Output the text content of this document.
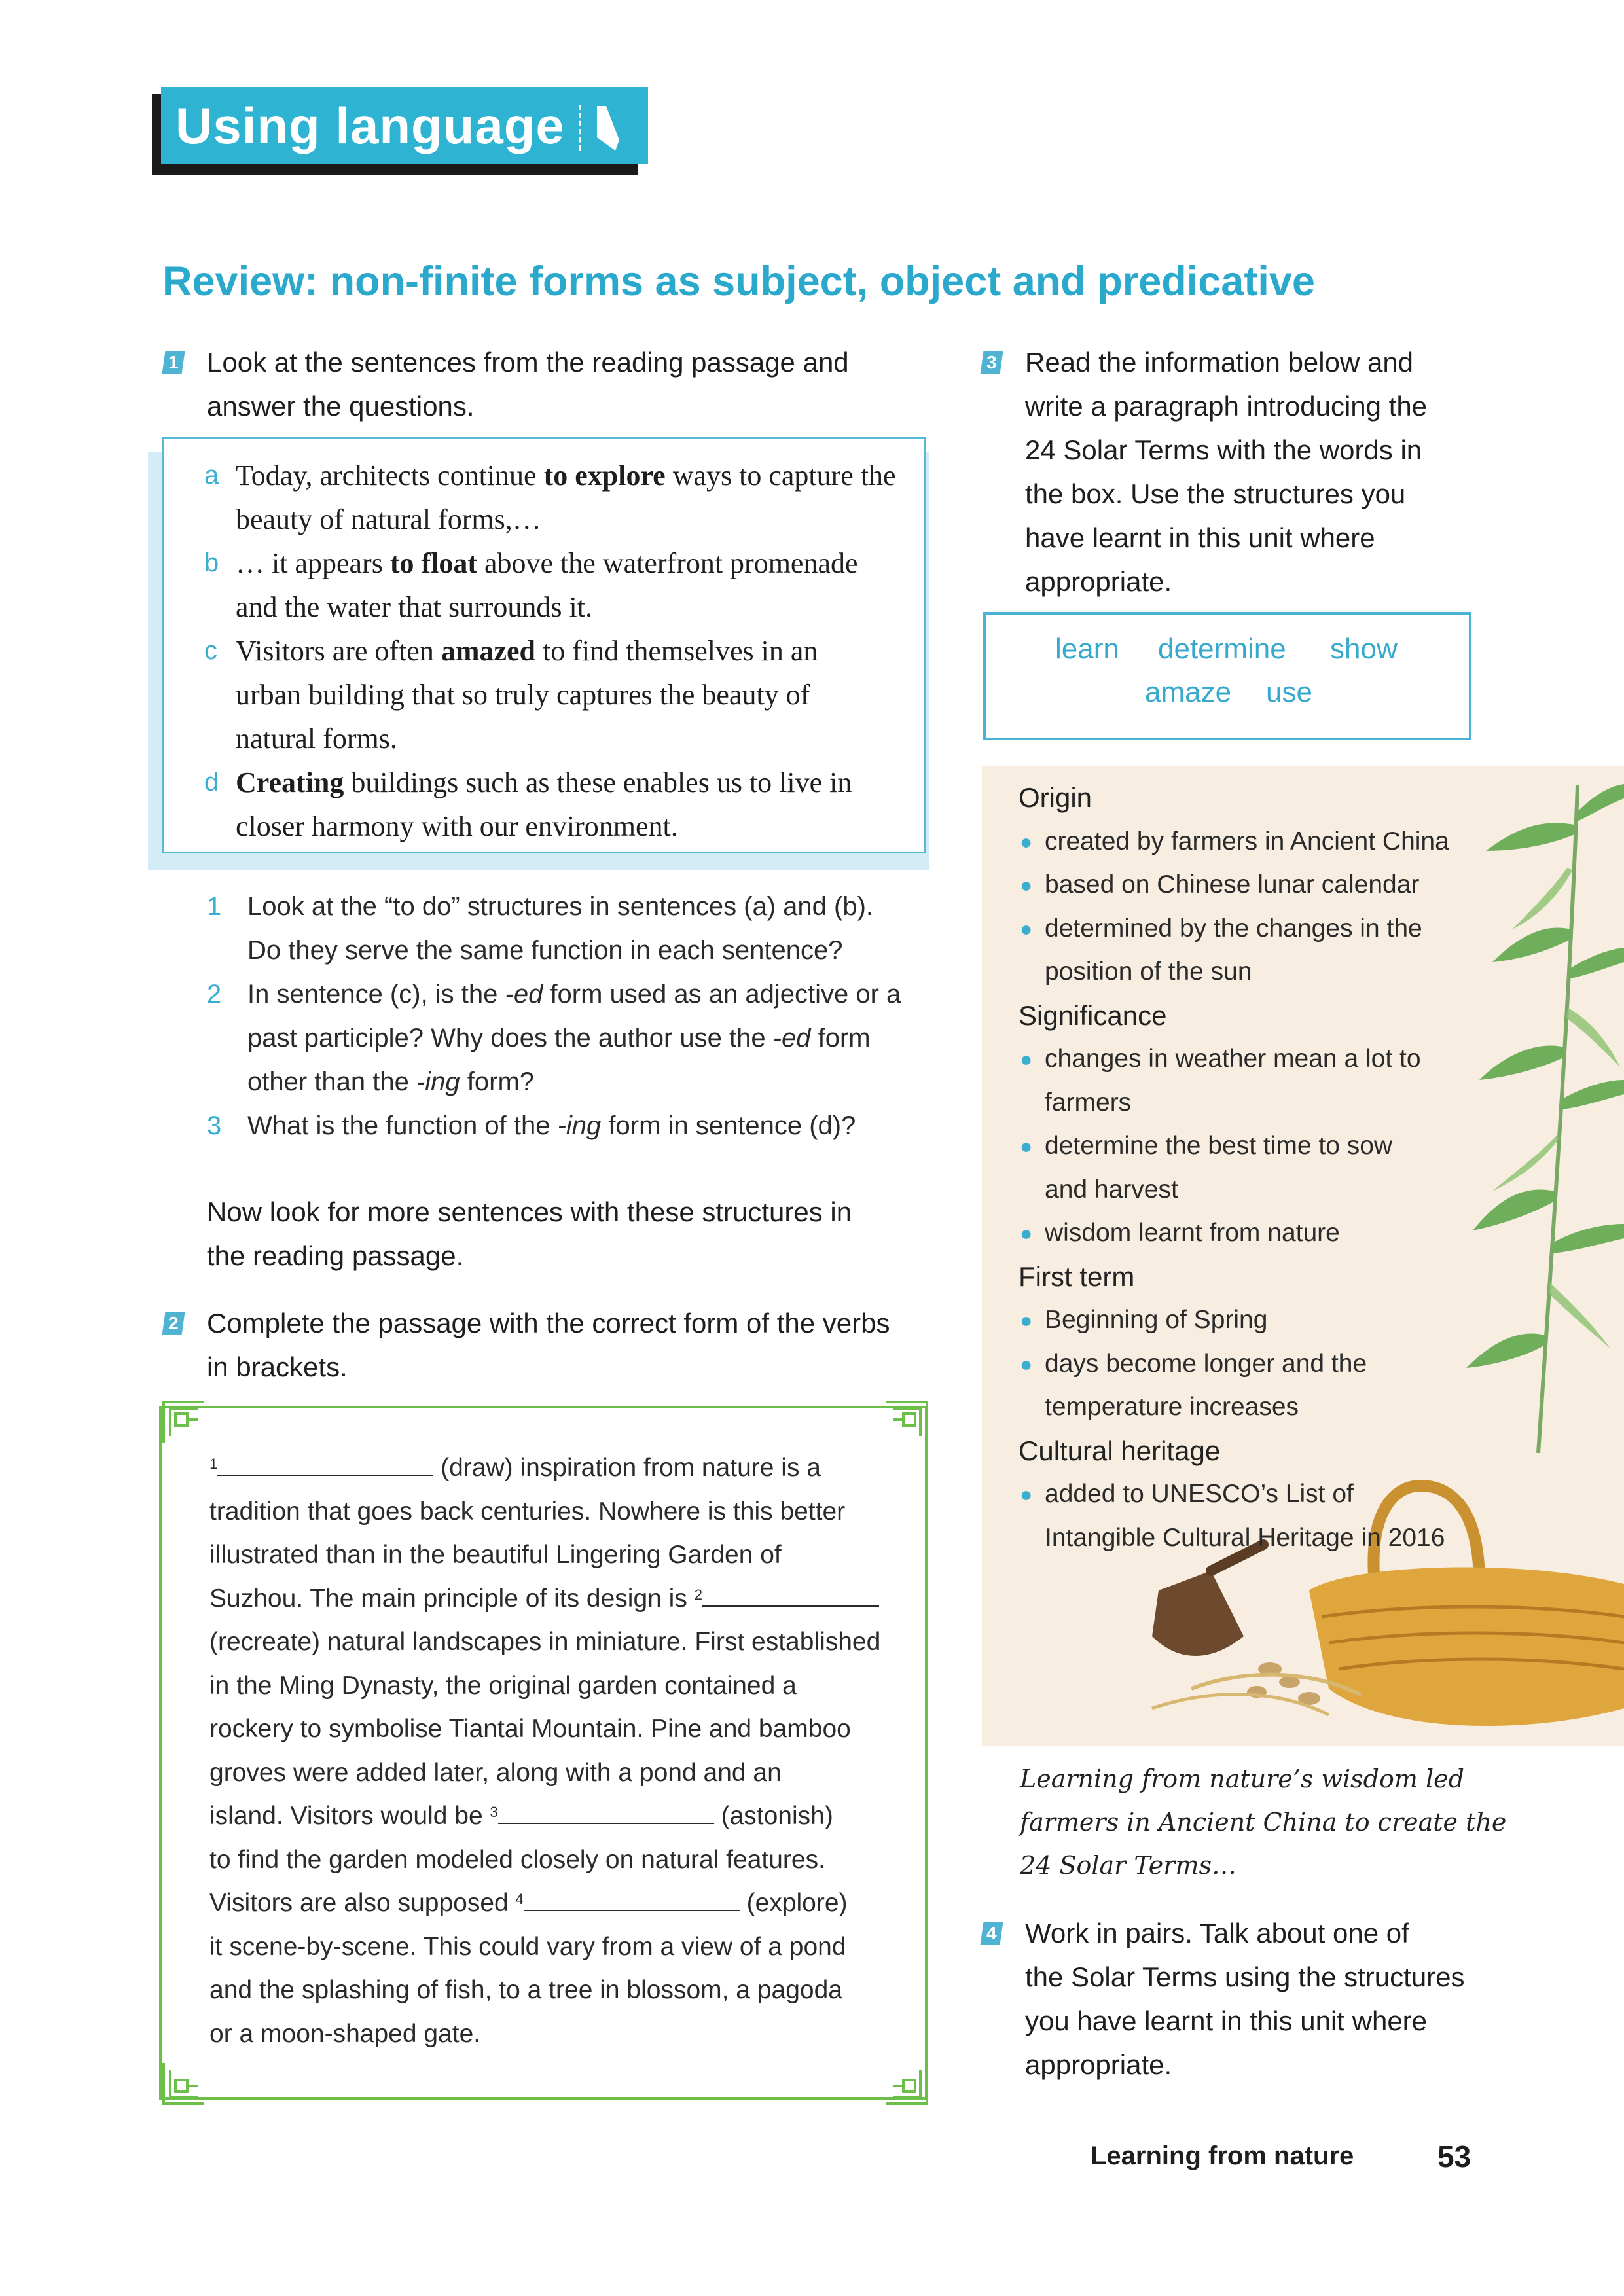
Using language
Review: non-finite forms as subject, object and predicative
1 Look at the sentences from the reading passage and
answer the questions.
a Today, architects continue to explore ways to capture the
beauty of natural forms,…
b … it appears to float above the waterfront promenade
and the water that surrounds it.
c Visitors are often amazed to find themselves in an
urban building that so truly captures the beauty of
natural forms.
d Creating buildings such as these enables us to live in
closer harmony with our environment.
1 Look at the “to do” structures in sentences (a) and (b).
Do they serve the same function in each sentence?
2 In sentence (c), is the -ed form used as an adjective or a
past participle? Why does the author use the -ed form
other than the -ing form?
3 What is the function of the -ing form in sentence (d)?
Now look for more sentences with these structures in
the reading passage.
2 Complete the passage with the correct form of the verbs
in brackets.
$^1$	(draw) inspiration from nature is a
tradition that goes back centuries. Nowhere is this better
illustrated than in the beautiful Lingering Garden of
Suzhou. The main principle of its design is $^2$
(recreate) natural landscapes in miniature. First established
in the Ming Dynasty, the original garden contained a
rockery to symbolise Tiantai Mountain. Pine and bamboo
groves were added later, along with a pond and an
island. Visitors would be $^3$	(astonish)
to find the garden modeled closely on natural features.
Visitors are also supposed $^4$	(explore)
it scene-by-scene. This could vary from a view of a pond
and the splashing of fish, to a tree in blossom, a pagoda
or a moon-shaped gate.
3 Read the information below and
write a paragraph introducing the
24 Solar Terms with the words in
the box. Use the structures you
have learnt in this unit where
appropriate.
learn determine show
amaze use
Origin
● created by farmers in Ancient China
● based on Chinese lunar calendar
● determined by the changes in the
position of the sun
Significance
● changes in weather mean a lot to
farmers
● determine the best time to sow
and harvest
● wisdom learnt from nature
First term
● Beginning of Spring
● days become longer and the
temperature increases
Cultural heritage
● added to UNESCO’s List of
Intangible Cultural Heritage in 2016
Learning from nature’s wisdom led
farmers in Ancient China to create the
24 Solar Terms…
4 Work in pairs. Talk about one of
the Solar Terms using the structures
you have learnt in this unit where
appropriate.
Learning from nature	53
